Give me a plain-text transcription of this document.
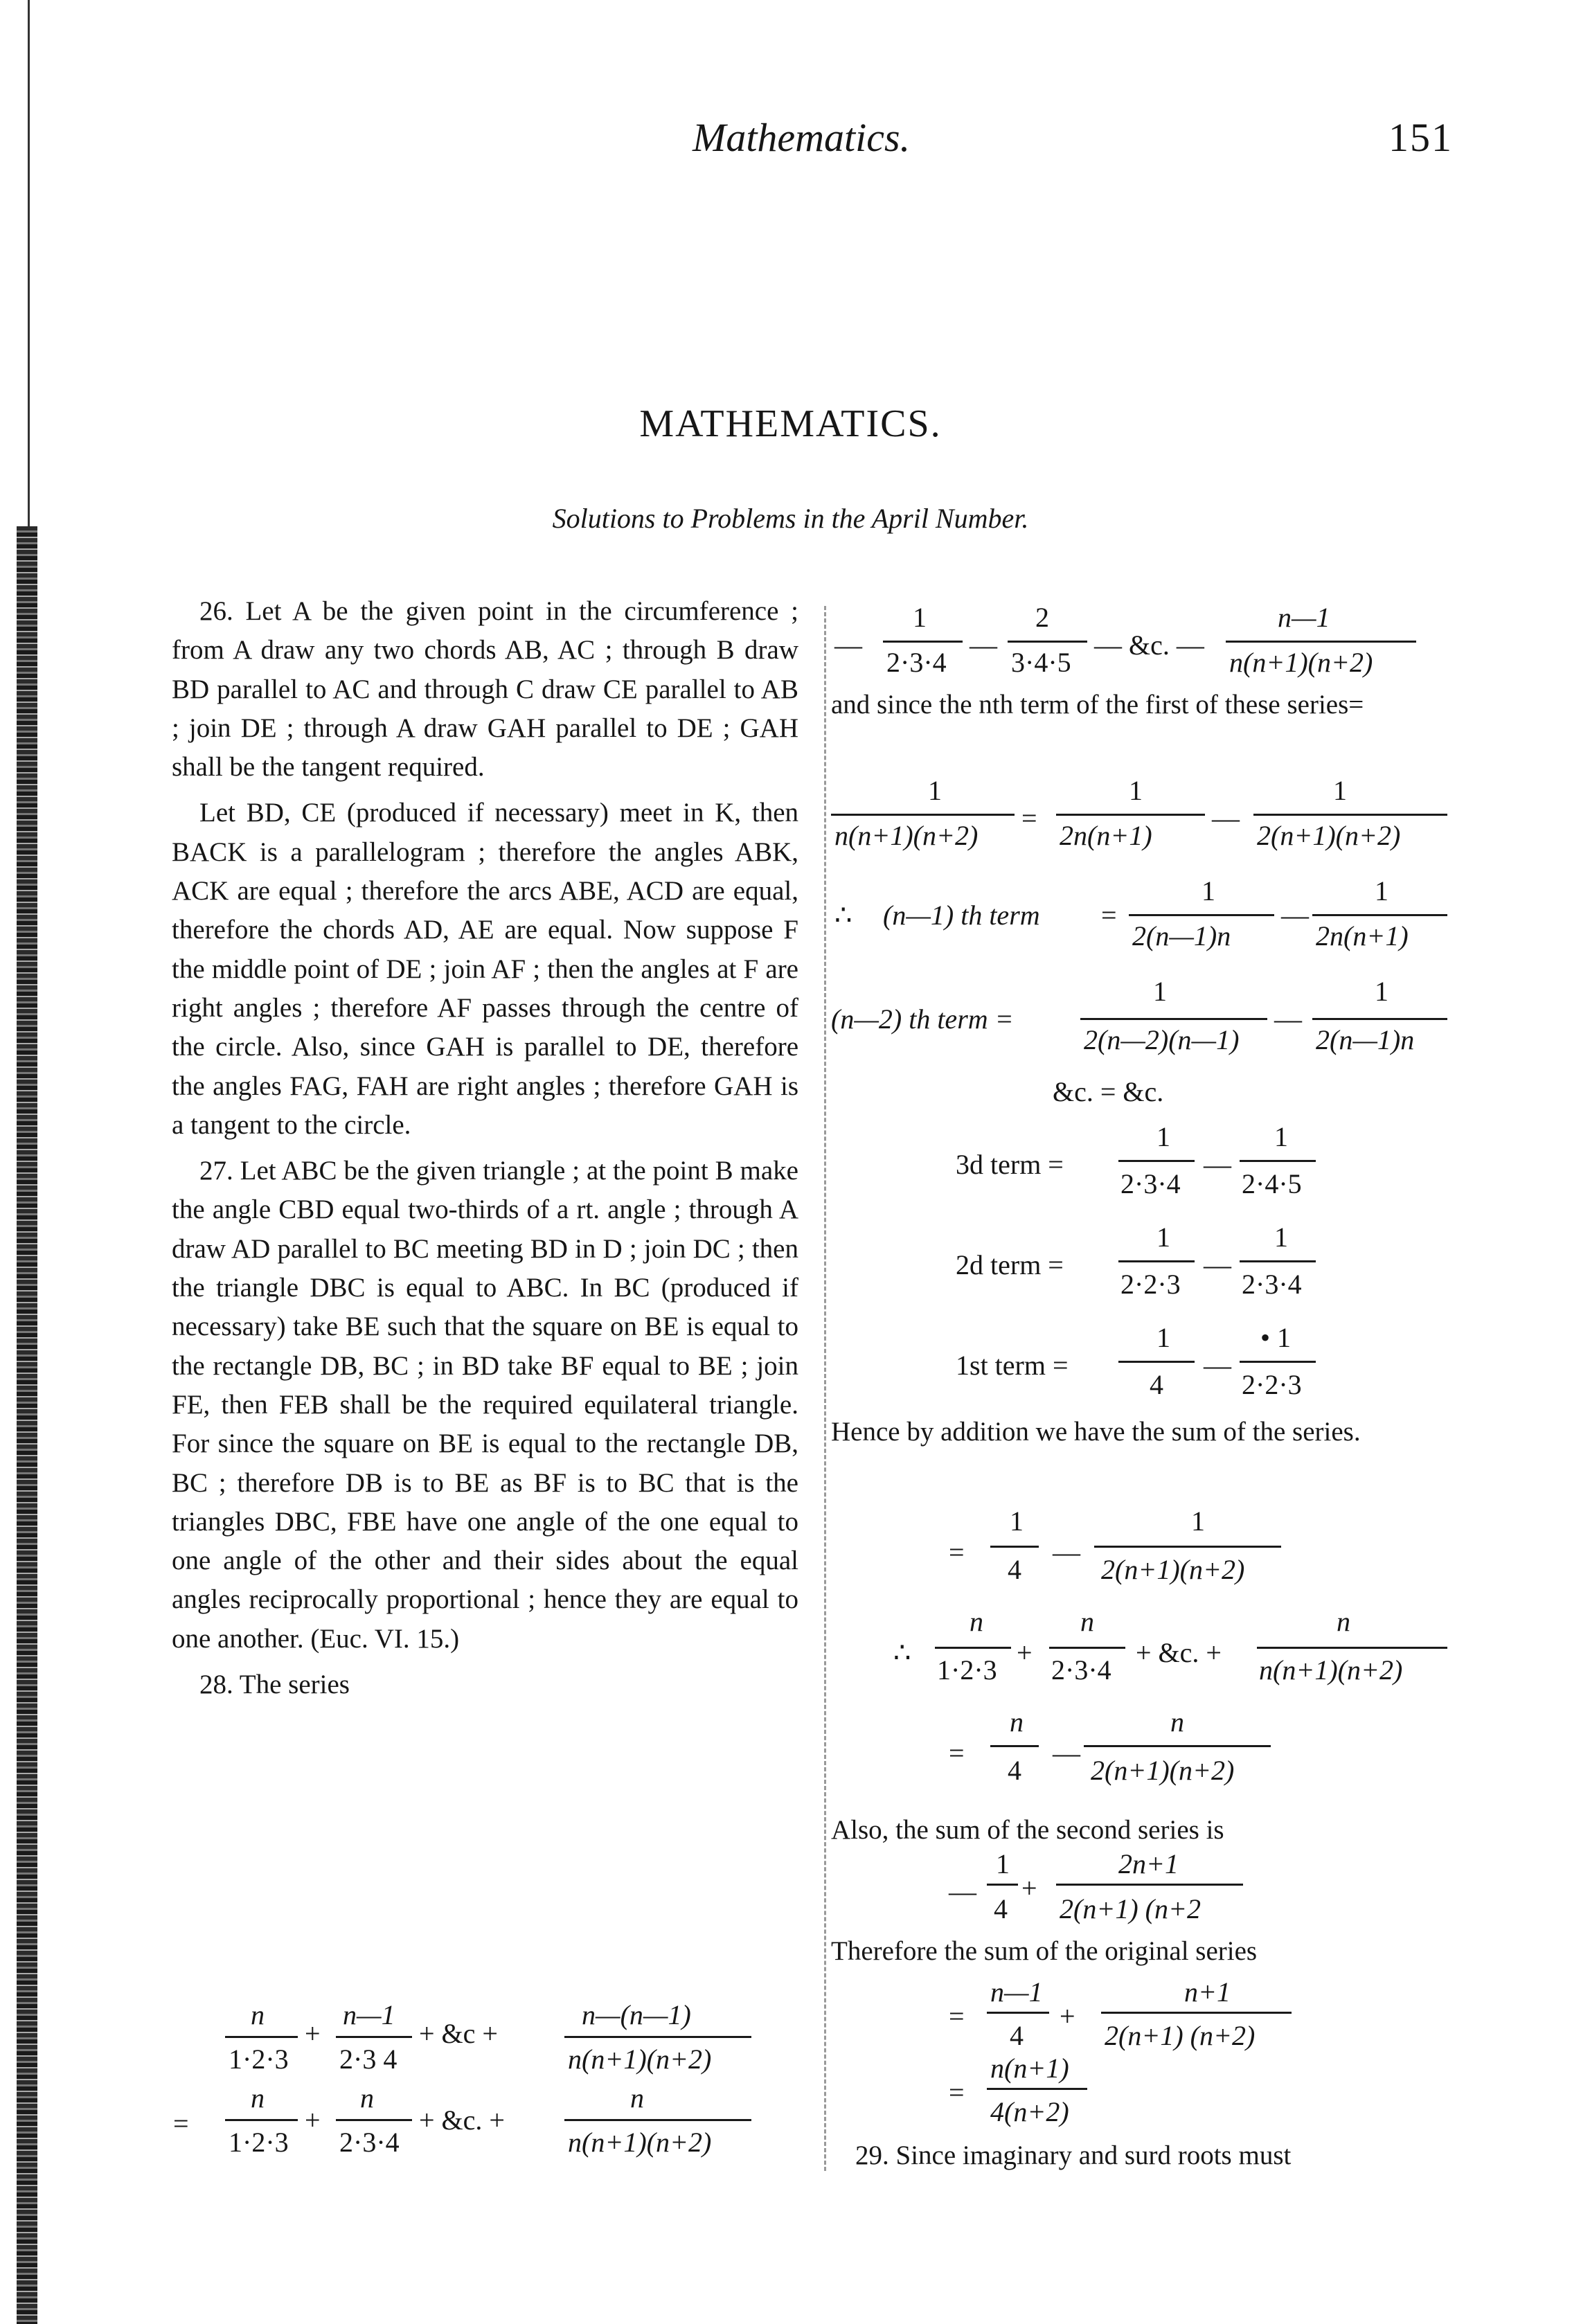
Mathematics.	151
MATHEMATICS.
Solutions to Problems in the April Number.

26. Let A be the given point in the circumference ; from A draw any two chords AB, AC ; through B draw BD parallel to AC and through C draw CE parallel to AB ; join DE ; through A draw GAH parallel to DE ; GAH shall be the tangent required.

Let BD, CE (produced if necessary) meet in K, then BACK is a parallelogram ; therefore the angles ABK, ACK are equal ; therefore the arcs ABE, ACD are equal, therefore the chords AD, AE are equal. Now suppose F the middle point of DE ; join AF ; then the angles at F are right angles ; therefore AF passes through the centre of the circle. Also, since GAH is parallel to DE, therefore the angles FAG, FAH are right angles ; therefore GAH is a tangent to the circle.

27. Let ABC be the given triangle ; at the point B make the angle CBD equal two-thirds of a rt. angle ; through A draw AD parallel to BC meeting BD in D ; join DC ; then the triangle DBC is equal to ABC. In BC (produced if necessary) take BE such that the square on BE is equal to the rectangle DB, BC ; in BD take BF equal to BE ; join FE, then FEB shall be the required equilateral triangle. For since the square on BE is equal to the rectangle DB, BC ; therefore DB is to BE as BF is to BC that is the triangles DBC, FBE have one angle of the one equal to one angle of the other and their sides about the equal angles reciprocally proportional ; hence they are equal to one another. (Euc. VI. 15.)

28. The series

n
1·2·3
+
n—1
2·3 4
+ &c +
n—(n—1)
n(n+1)(n+2)
=
n
1·2·3
+
n
2·3·4
+ &c. +
n
n(n+1)(n+2)
—
1
2·3·4
—
2
3·4·5
— &c. —
n—1
n(n+1)(n+2)
and since the nth term of the first of these series=
1
n(n+1)(n+2)
=
1
2n(n+1)
—
1
2(n+1)(n+2)
∴ (n—1) th term =
1
2(n—1)n
—
1
2n(n+1)
(n—2) th term =
1
2(n—2)(n—1)
—
1
2(n—1)n
&c. = &c.
3d term =
1
2·3·4
—
1
2·4·5
2d term =
1
2·2·3
—
1
2·3·4
1st term =
1
4
—
• 1
2·2·3
Hence by addition we have the sum of the series.
=
1
4
—
1
2(n+1)(n+2)
∴
n
1·2·3
+
n
2·3·4
+ &c. +
n
n(n+1)(n+2)
=
n
4
—
n
2(n+1)(n+2)
Also, the sum of the second series is
—
1
4
+
2n+1
2(n+1) (n+2
Therefore the sum of the original series
=
n—1
4
+
n+1
2(n+1) (n+2)
=
n(n+1)
4(n+2)
29. Since imaginary and surd roots must
